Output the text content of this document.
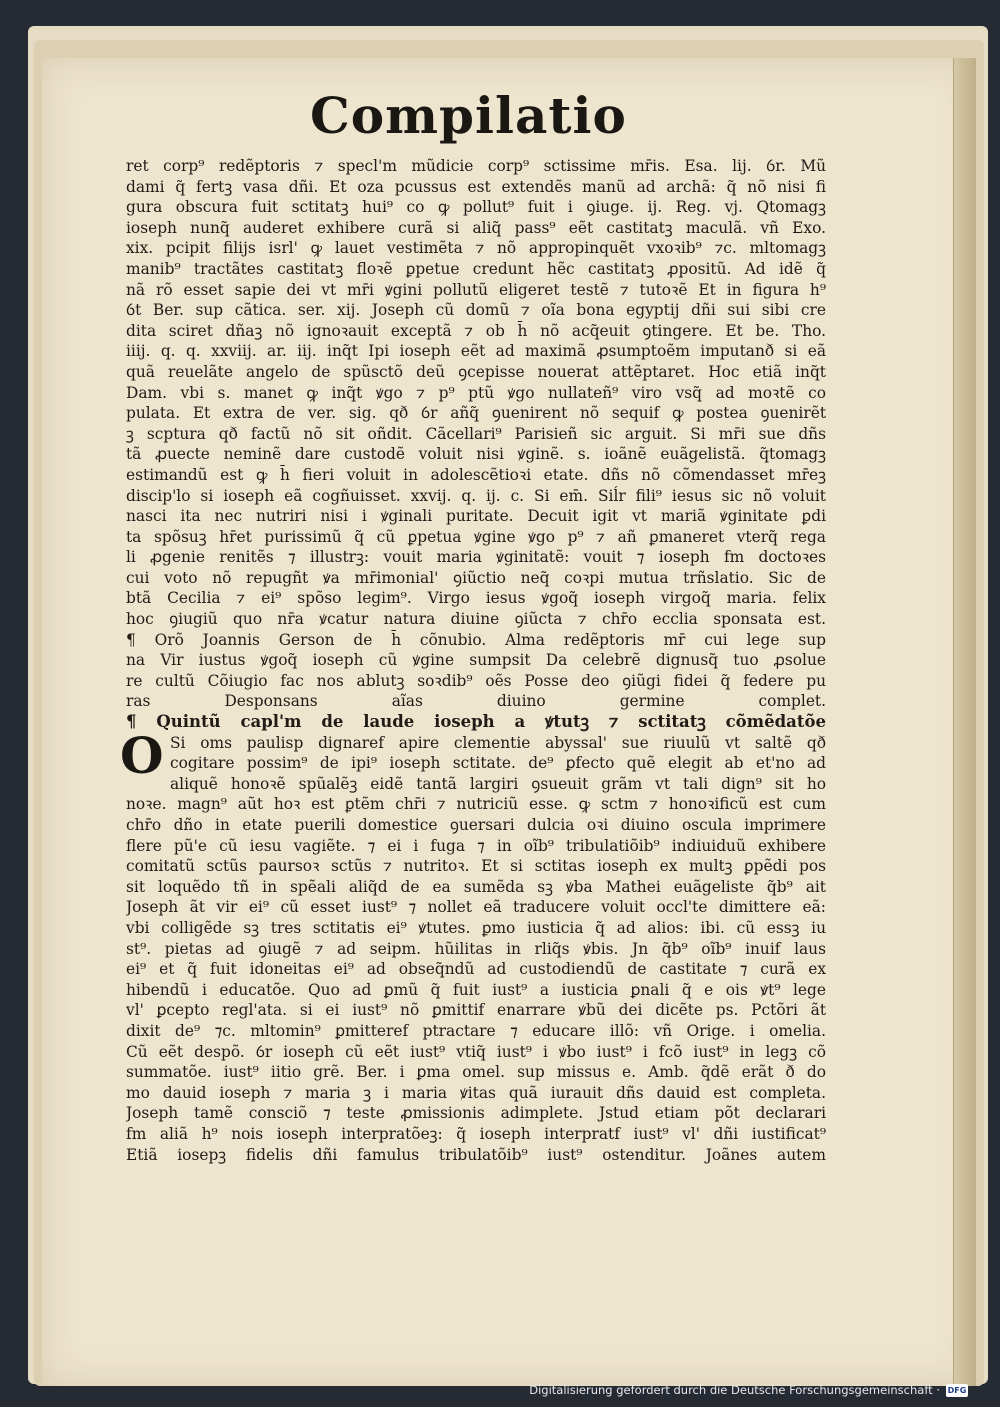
Compilatio
ret corp⁹ redẽptoris ⁊ specl'm mũdicie corp⁹ sctissime mr̄is. Esa. lij. ỽr. Mũ
dami q̃ fertꝫ vasa dñi. Et oza pcussus est extendẽs manũ ad archã: q̃ nõ nisi fi
gura obscura fuit sctitatꝫ hui⁹ co ꝙ pollut⁹ fuit i ꝯiuge. ij. Reg. vj. Qtomagꝫ
ioseph nunq̃ auderet exhibere curã si aliq̃ pass⁹ eẽt castitatꝫ maculã. vñ Exo.
xix. pcipit filijs isrl' ꝙ lauet vestimẽta ⁊ nõ appropinquẽt vxoꝛib⁹ ⁊c. mltomagꝫ
manib⁹ tractãtes castitatꝫ floꝛẽ ꝑpetue credunt hẽc castitatꝫ ꝓpositũ. Ad idẽ q̃
nã rõ esset sapie dei vt mr̄i ꝟgini pollutũ eligeret testẽ ⁊ tutoꝛẽ Et in figura h⁹
ỽt Ber. sup cãtica. ser. xij. Joseph cũ domũ ⁊ oĩa bona egyptij dñi sui sibi cre
dita sciret dñaꝫ nõ ignoꝛauit exceptã ⁊ ob h̄ nõ acq̃euit ꝯtingere. Et be. Tho.
iiij. q. q. xxviij. ar. iij. inq̃t Ipi ioseph eẽt ad maximã ꝓsumptoẽm imputanð si eã
quã reuelãte angelo de spũsctõ deũ ꝯcepisse nouerat attẽptaret. Hoc etiã inq̃t
Dam. vbi s. manet ꝙ inq̃t ꝟgo ⁊ p⁹ ptũ ꝟgo nullateñ⁹ viro vsq̃ ad moꝛtẽ co
pulata. Et extra de ver. sig. qð ỽr añq̃ ꝯuenirent nõ sequif ꝙ postea ꝯuenirẽt
ꝫ scptura qð factũ nõ sit oñdit. Cãcellari⁹ Parisieñ sic arguit. Si mr̄i sue dñs
tã ꝓuecte neminẽ dare custodẽ voluit nisi ꝟginẽ. s. ioãnẽ euãgelistã. q̃tomagꝫ
estimandũ est ꝙ h̄ fieri voluit in adolescẽtioꝛi etate. dñs nõ cõmendasset mr̄eꝫ
discip'lo si ioseph eã cogñuisset. xxvij. q. ij. c. Si em̄. Siĺr fili⁹ iesus sic nõ voluit
nasci ita nec nutriri nisi i ꝟginali puritate. Decuit igit vt mariã ꝟginitate ꝑdi
ta spõsuꝫ hr̄et purissimũ q̃ cũ ꝑpetua ꝟgine ꝟgo p⁹ ⁊ añ ꝑmaneret vterq̃ rega
li ꝓgenie renitẽs ⁊ illustrꝫ: vouit maria ꝟginitatẽ: vouit ⁊ ioseph fm doctoꝛes
cui voto nõ repugñt ꝟa mr̄imonial' ꝯiũctio neq̃ coꝛpi mutua trñslatio. Sic de
btã Cecilia ⁊ ei⁹ spõso legim⁹. Virgo iesus ꝟgoq̃ ioseph virgoq̃ maria. felix
hoc ꝯiugiũ quo nr̄a ꝟcatur natura diuine ꝯiũcta ⁊ chr̄o ecclia sponsata est.
¶ Orõ Joannis Gerson de h̄ cõnubio. Alma redẽptoris mr̄ cui lege sup
na Vir iustus ꝟgoq̃ ioseph cũ ꝟgine sumpsit Da celebrẽ dignusq̃ tuo ꝓsolue
re cultũ Cõiugio fac nos ablutꝫ soꝛdib⁹ oẽs Posse deo ꝯiũgi fidei q̃ federe pu
ras Desponsans aĩas diuino germine complet.
¶ Quintũ capl'm de laude ioseph a ꝟtutꝫ ⁊ sctitatꝫ cõmẽdatõe
O Si oms paulisp dignaref apire clementie abyssal' sue riuulũ vt saltẽ qð
cogitare possim⁹ de ipi⁹ ioseph sctitate. de⁹ ꝑfecto quẽ elegit ab et'no ad
aliquẽ honoꝛẽ spũalẽꝫ eidẽ tantã largiri ꝯsueuit grãm vt tali dign⁹ sit ho
noꝛe. magn⁹ aũt hoꝛ est ꝑtẽm chr̄i ⁊ nutriciũ esse. ꝙ sctm ⁊ honoꝛificũ est cum
chr̄o dño in etate puerili domestice ꝯuersari dulcia oꝛi diuino oscula imprimere
flere pũ'e cũ iesu vagiẽte. ⁊ ei i fuga ⁊ in oĩb⁹ tribulatiõib⁹ indiuiduũ exhibere
comitatũ sctũs paursoꝛ sctũs ⁊ nutritoꝛ. Et si sctitas ioseph ex multꝫ ꝑpẽdi pos
sit loquẽdo tñ in spẽali aliq̃d de ea sumẽda sꝫ ꝟba Mathei euãgeliste q̃b⁹ ait
Joseph ãt vir ei⁹ cũ esset iust⁹ ⁊ nollet eã traducere voluit occl'te dimittere eã:
vbi colligẽde sꝫ tres sctitatis ei⁹ ꝟtutes. ꝑmo iusticia q̃ ad alios: ibi. cũ essꝫ iu
st⁹. pietas ad ꝯiugẽ ⁊ ad seipm. hũilitas in rliq̃s ꝟbis. Jn q̃b⁹ oĩb⁹ inuif laus
ei⁹ et q̃ fuit idoneitas ei⁹ ad obseq̃ndũ ad custodiendũ de castitate ⁊ curã ex
hibendũ i educatõe. Quo ad ꝑmũ q̃ fuit iust⁹ a iusticia ꝑnali q̃ e ois ꝟt⁹ lege
vl' ꝑcepto regl'ata. si ei iust⁹ nõ ꝑmittif enarrare ꝟbũ dei dicẽte ps. Pctõri ãt
dixit de⁹ ⁊c. mltomin⁹ ꝑmitteref ptractare ⁊ educare illõ: vñ Orige. i omelia.
Cũ eẽt despõ. ỽr ioseph cũ eẽt iust⁹ vtiq̃ iust⁹ i ꝟbo iust⁹ i fcõ iust⁹ in legꝫ cõ
summatõe. iust⁹ iitio grẽ. Ber. i ꝑma omel. sup missus e. Amb. q̃dẽ erãt ð do
mo dauid ioseph ⁊ maria ꝫ i maria ꝟitas quã iurauit dñs dauid est completa.
Joseph tamẽ consciõ ⁊ teste ꝓmissionis adimplete. Jstud etiam põt declarari
fm aliã h⁹ nois ioseph interpratõeꝫ: q̃ ioseph interpratf iust⁹ vl' dñi iustificat⁹
Etiã iosepꝫ fidelis dñi famulus tribulatõib⁹ iust⁹ ostenditur. Joãnes autem
Digitalisierung gefördert durch die Deutsche Forschungsgemeinschaft · DFG
